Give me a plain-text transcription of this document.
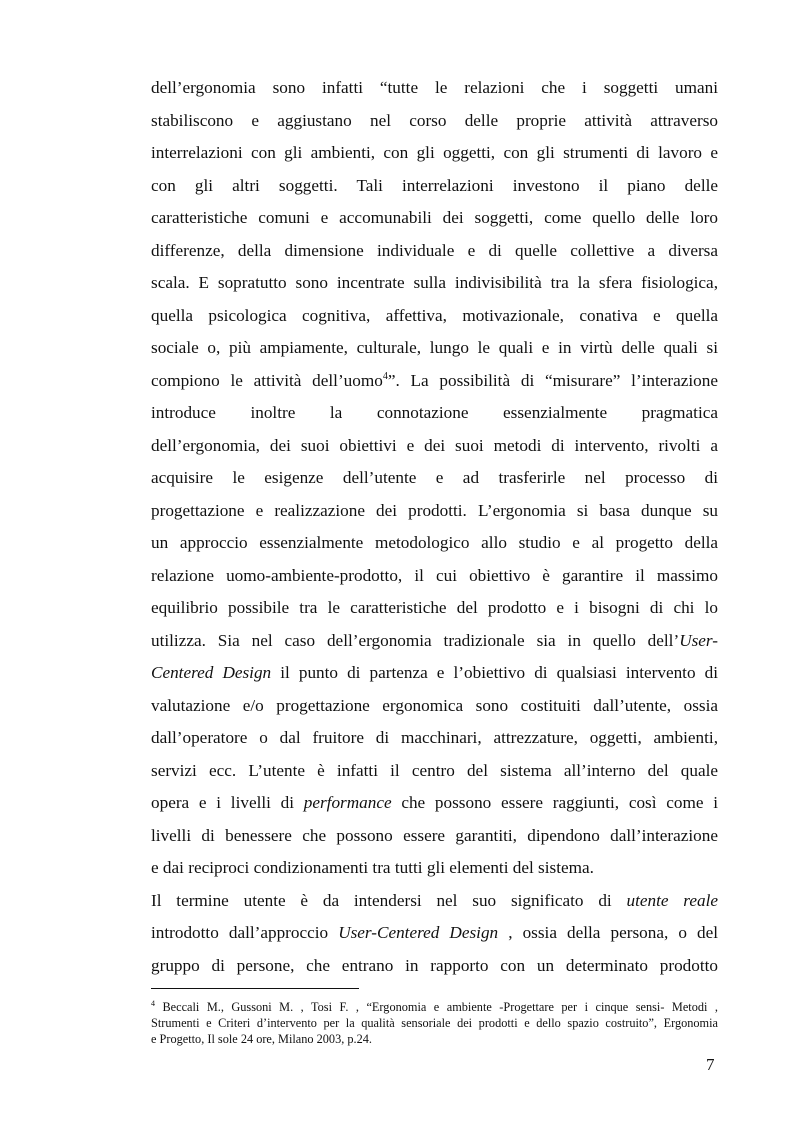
dell’ergonomia sono infatti “tutte le relazioni che i soggetti umani
stabiliscono e aggiustano nel corso delle proprie attività attraverso
interrelazioni con gli ambienti, con gli oggetti, con gli strumenti di lavoro e
con gli altri soggetti. Tali interrelazioni investono il piano delle
caratteristiche comuni e accomunabili dei soggetti, come quello delle loro
differenze, della dimensione individuale e di quelle collettive a diversa
scala. E sopratutto sono incentrate sulla indivisibilità tra la sfera fisiologica,
quella psicologica cognitiva, affettiva, motivazionale, conativa e quella
sociale o, più ampiamente, culturale, lungo le quali e in virtù delle quali si
compiono le attività dell’uomo$^4$”. La possibilità di “misurare” l’interazione
introduce inoltre la connotazione essenzialmente pragmatica
dell’ergonomia, dei suoi obiettivi e dei suoi metodi di intervento, rivolti a
acquisire le esigenze dell’utente e ad trasferirle nel processo di
progettazione e realizzazione dei prodotti. L’ergonomia si basa dunque su
un approccio essenzialmente metodologico allo studio e al progetto della
relazione uomo-ambiente-prodotto, il cui obiettivo è garantire il massimo
equilibrio possibile tra le caratteristiche del prodotto e i bisogni di chi lo
utilizza. Sia nel caso dell’ergonomia tradizionale sia in quello dell’User-
Centered Design il punto di partenza e l’obiettivo di qualsiasi intervento di
valutazione e/o progettazione ergonomica sono costituiti dall’utente, ossia
dall’operatore o dal fruitore di macchinari, attrezzature, oggetti, ambienti,
servizi ecc. L’utente è infatti il centro del sistema all’interno del quale
opera e i livelli di performance che possono essere raggiunti, così come i
livelli di benessere che possono essere garantiti, dipendono dall’interazione
e dai reciproci condizionamenti tra tutti gli elementi del sistema.
Il termine utente è da intendersi nel suo significato di utente reale
introdotto dall’approccio User-Centered Design , ossia della persona, o del
gruppo di persone, che entrano in rapporto con un determinato prodotto
$^4$ Beccali M., Gussoni M. , Tosi F. , “Ergonomia e ambiente -Progettare per i cinque sensi- Metodi ,
Strumenti e Criteri d’intervento per la qualità sensoriale dei prodotti e dello spazio costruito”, Ergonomia
e Progetto, Il sole 24 ore, Milano 2003, p.24.
7
